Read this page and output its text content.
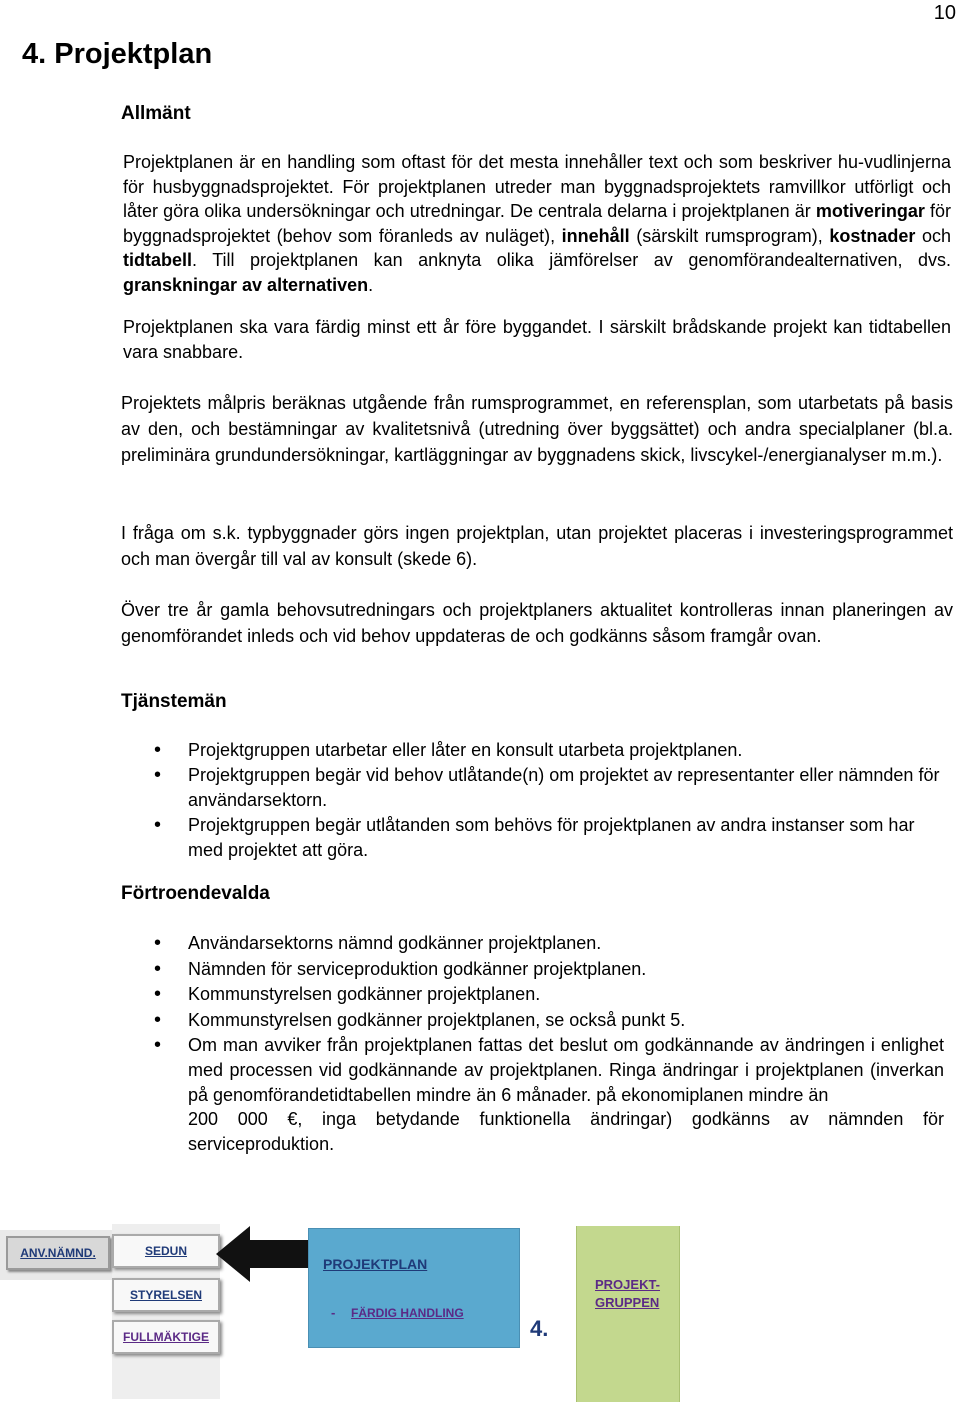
10
4. Projektplan
Allmänt

Projektplanen är en handling som oftast för det mesta innehåller text och som beskriver hu-vudlinjerna för husbyggnadsprojektet. För projektplanen utreder man byggnadsprojektets ramvillkor utförligt och låter göra olika undersökningar och utredningar. De centrala delarna i projektplanen är motiveringar för byggnadsprojektet (behov som föranleds av nuläget), innehåll (särskilt rumsprogram), kostnader och tidtabell. Till projektplanen kan anknyta olika jämförelser av genomförandealternativen, dvs. granskningar av alternativen.

Projektplanen ska vara färdig minst ett år före byggandet. I särskilt brådskande projekt kan tidtabellen vara snabbare.

Projektets målpris beräknas utgående från rumsprogrammet, en referensplan, som utarbetats på basis av den, och bestämningar av kvalitetsnivå (utredning över byggsättet) och andra specialplaner (bl.a. preliminära grundundersökningar, kartläggningar av byggnadens skick, livscykel-/energianalyser m.m.).

I fråga om s.k. typbyggnader görs ingen projektplan, utan projektet placeras i investeringsprogrammet och man övergår till val av konsult (skede 6).

Över tre år gamla behovsutredningars och projektplaners aktualitet kontrolleras innan planeringen av genomförandet inleds och vid behov uppdateras de och godkänns såsom framgår ovan.

Tjänstemän
• Projektgruppen utarbetar eller låter en konsult utarbeta projektplanen.
• Projektgruppen begär vid behov utlåtande(n) om projektet av representanter eller nämnden för användarsektorn.
• Projektgruppen begär utlåtanden som behövs för projektplanen av andra instanser som har med projektet att göra.
Förtroendevalda
• Användarsektorns nämnd godkänner projektplanen.
• Nämnden för serviceproduktion godkänner projektplanen.
• Kommunstyrelsen godkänner projektplanen.
• Kommunstyrelsen godkänner projektplanen, se också punkt 5.
• Om man avviker från projektplanen fattas det beslut om godkännande av ändringen i enlighet med processen vid godkännande av projektplanen. Ringa ändringar i projektplanen (inverkan på genomförandetidtabellen mindre än 6 månader. på ekonomiplanen mindre än
200 000 €, inga betydande funktionella ändringar) godkänns av nämnden för serviceproduktion.
ANV.NÄMND.	SEDUN
STYRELSEN
FULLMÄKTIGE
PROJEKTPLAN
- FÄRDIG HANDLING
4.
PROJEKT-
GRUPPEN
